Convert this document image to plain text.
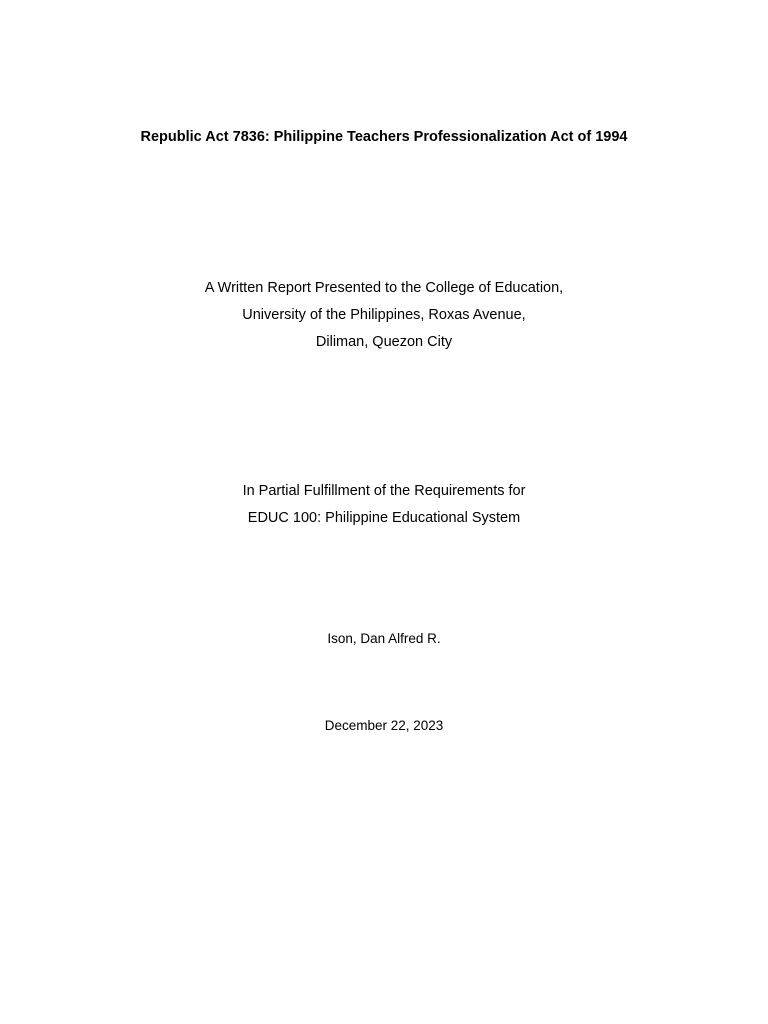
Republic Act 7836: Philippine Teachers Professionalization Act of 1994
A Written Report Presented to the College of Education,
University of the Philippines, Roxas Avenue,
Diliman, Quezon City
In Partial Fulfillment of the Requirements for
EDUC 100: Philippine Educational System
Ison, Dan Alfred R.
December 22, 2023
